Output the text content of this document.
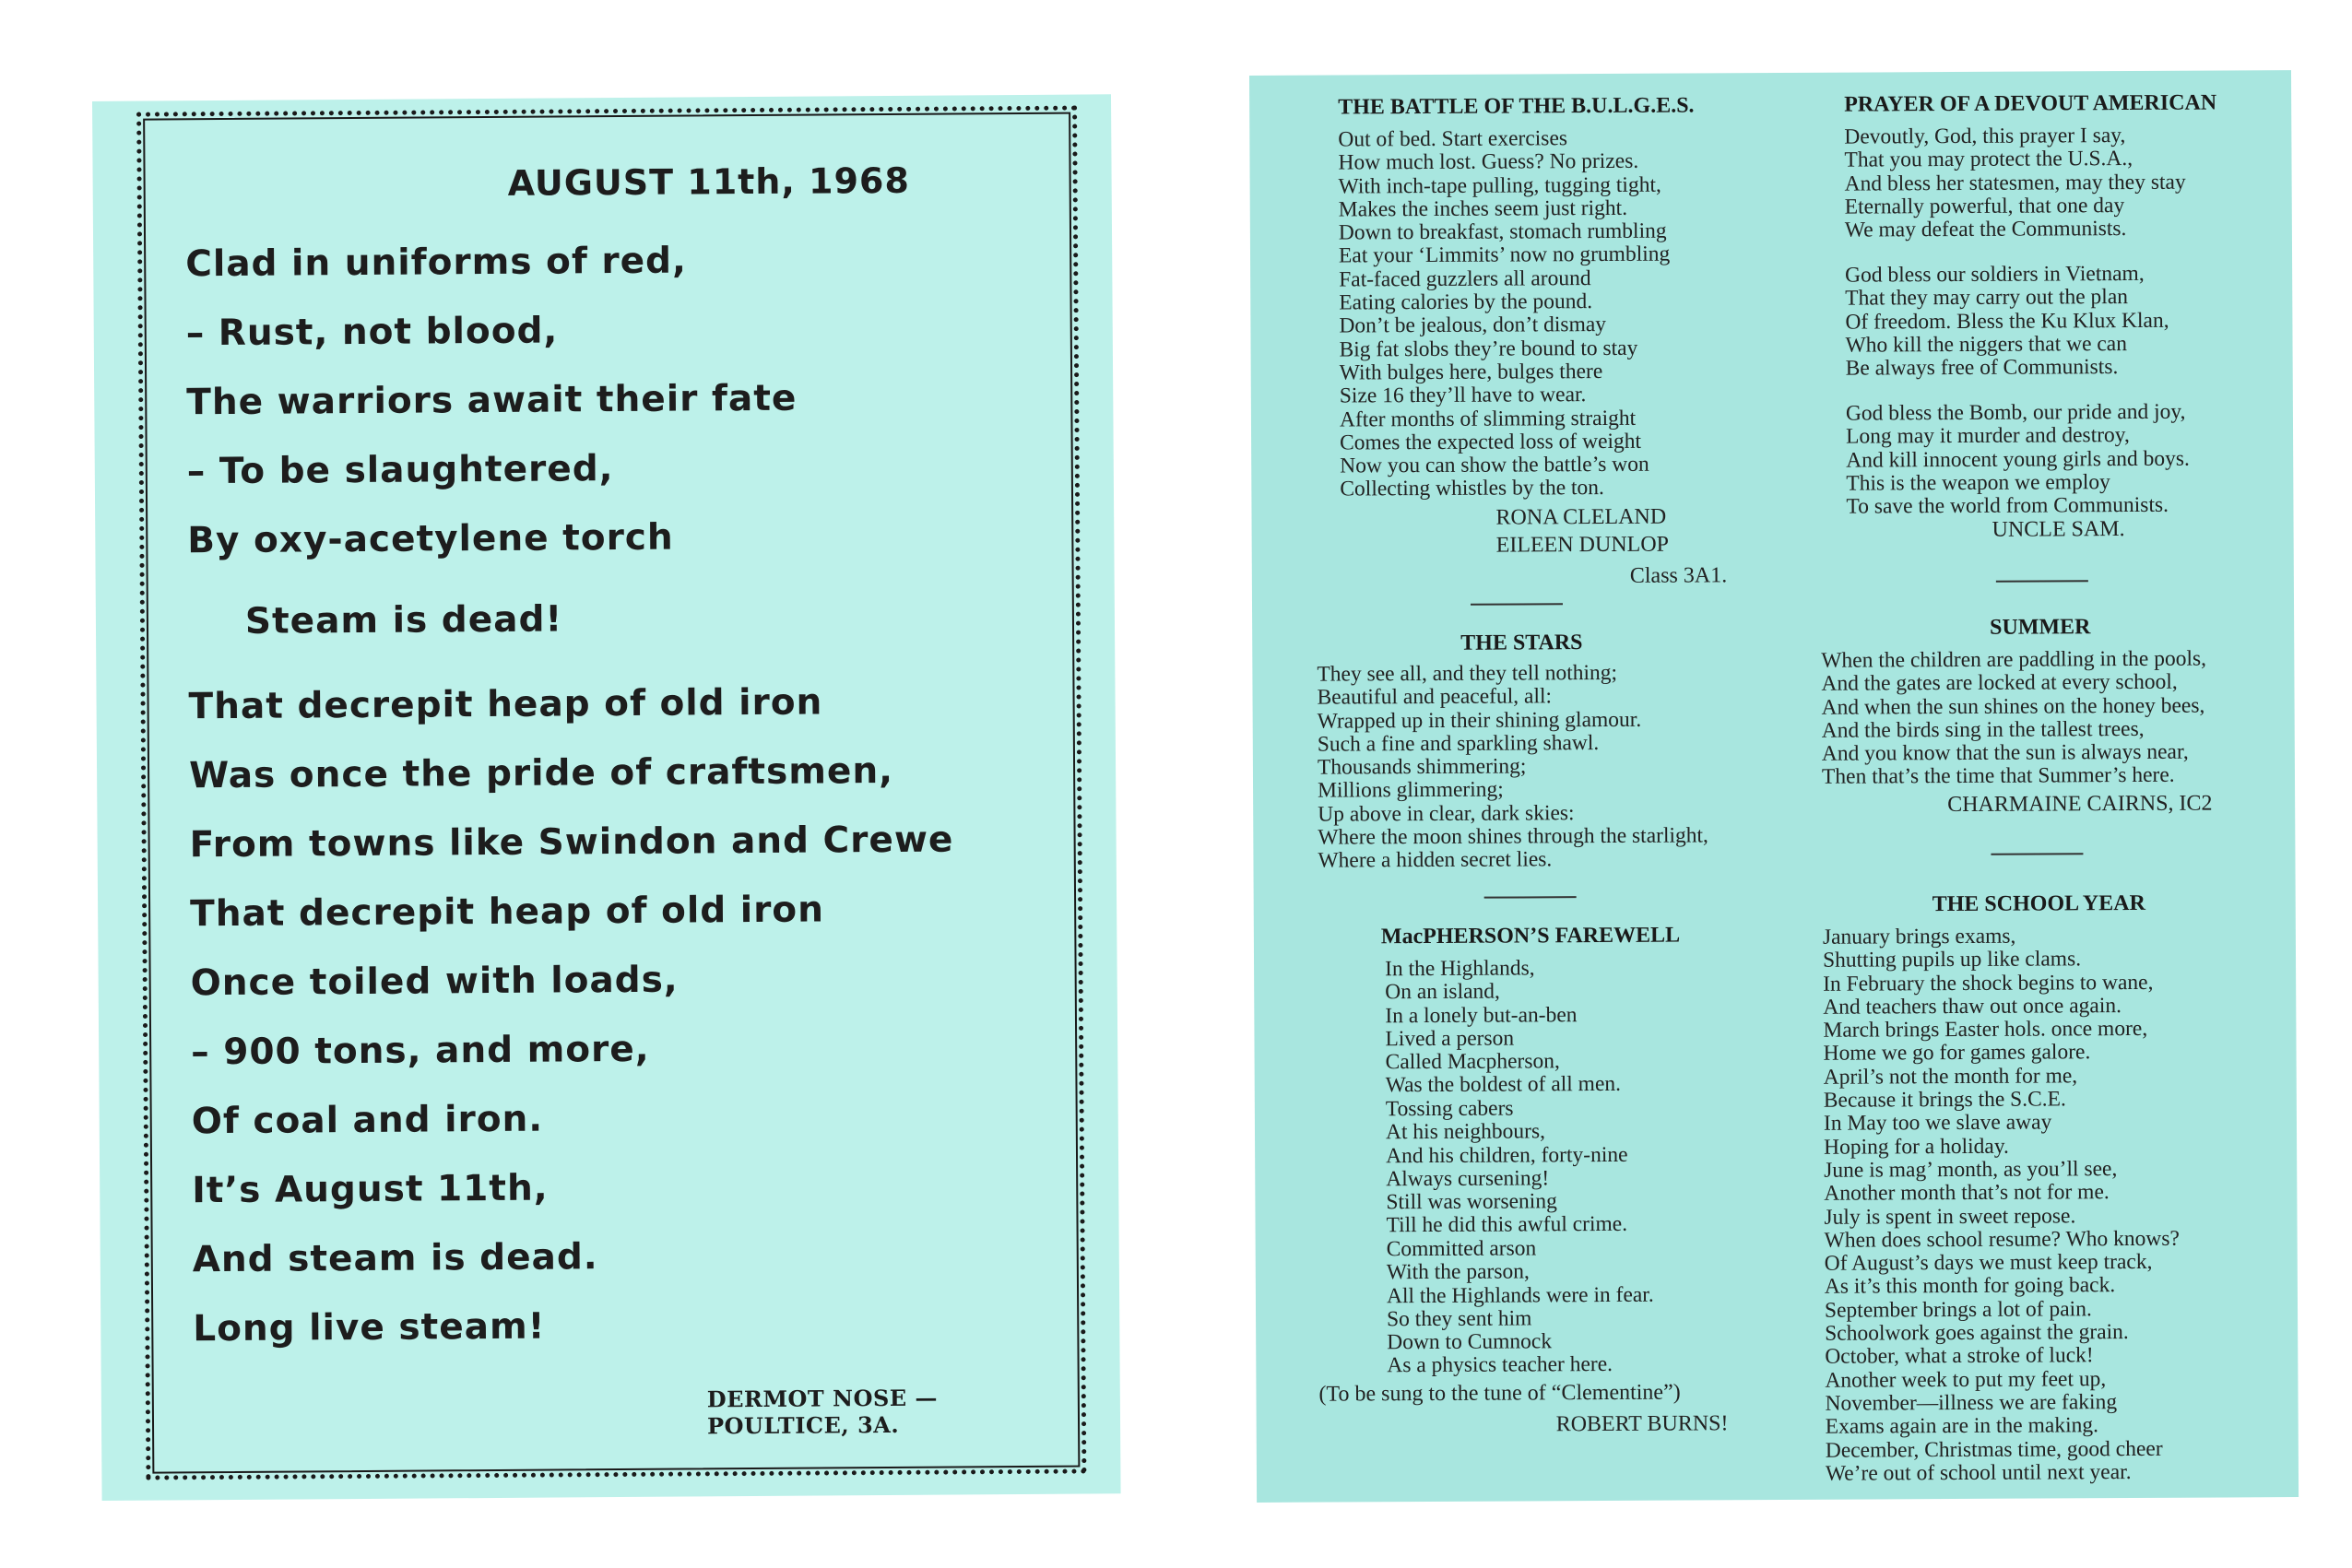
AUGUST 11th, 1968
Clad in uniforms of red,
– Rust, not blood,
The warriors await their fate
– To be slaughtered,
By oxy-acetylene torch
Steam is dead!
That decrepit heap of old iron
Was once the pride of craftsmen,
From towns like Swindon and Crewe
That decrepit heap of old iron
Once toiled with loads,
– 900 tons, and more,
Of coal and iron.
It’s August 11th,
And steam is dead.
Long live steam!
DERMOT NOSE — POULTICE, 3A.
THE BATTLE OF THE B.U.L.G.E.S.
Out of bed. Start exercises
How much lost. Guess? No prizes.
With inch-tape pulling, tugging tight,
Makes the inches seem just right.
Down to breakfast, stomach rumbling
Eat your ‘Limmits’ now no grumbling
Fat-faced guzzlers all around
Eating calories by the pound.
Don’t be jealous, don’t dismay
Big fat slobs they’re bound to stay
With bulges here, bulges there
Size 16 they’ll have to wear.
After months of slimming straight
Comes the expected loss of weight
Now you can show the battle’s won
Collecting whistles by the ton.
RONA CLELAND
EILEEN DUNLOP
Class 3A1.
THE STARS
They see all, and they tell nothing;
Beautiful and peaceful, all:
Wrapped up in their shining glamour.
Such a fine and sparkling shawl.
Thousands shimmering;
Millions glimmering;
Up above in clear, dark skies:
Where the moon shines through the starlight,
Where a hidden secret lies.
MacPHERSON’S FAREWELL
In the Highlands,
On an island,
In a lonely but-an-ben
Lived a person
Called Macpherson,
Was the boldest of all men.
Tossing cabers
At his neighbours,
And his children, forty-nine
Always cursening!
Still was worsening
Till he did this awful crime.
Committed arson
With the parson,
All the Highlands were in fear.
So they sent him
Down to Cumnock
As a physics teacher here.
(To be sung to the tune of “Clementine”)
ROBERT BURNS!
PRAYER OF A DEVOUT AMERICAN
Devoutly, God, this prayer I say,
That you may protect the U.S.A.,
And bless her statesmen, may they stay
Eternally powerful, that one day
We may defeat the Communists.
God bless our soldiers in Vietnam,
That they may carry out the plan
Of freedom. Bless the Ku Klux Klan,
Who kill the niggers that we can
Be always free of Communists.
God bless the Bomb, our pride and joy,
Long may it murder and destroy,
And kill innocent young girls and boys.
This is the weapon we employ
To save the world from Communists.
UNCLE SAM.
SUMMER
When the children are paddling in the pools,
And the gates are locked at every school,
And when the sun shines on the honey bees,
And the birds sing in the tallest trees,
And you know that the sun is always near,
Then that’s the time that Summer’s here.
CHARMAINE CAIRNS, IC2
THE SCHOOL YEAR
January brings exams,
Shutting pupils up like clams.
In February the shock begins to wane,
And teachers thaw out once again.
March brings Easter hols. once more,
Home we go for games galore.
April’s not the month for me,
Because it brings the S.C.E.
In May too we slave away
Hoping for a holiday.
June is mag’ month, as you’ll see,
Another month that’s not for me.
July is spent in sweet repose.
When does school resume? Who knows?
Of August’s days we must keep track,
As it’s this month for going back.
September brings a lot of pain.
Schoolwork goes against the grain.
October, what a stroke of luck!
Another week to put my feet up,
November—illness we are faking
Exams again are in the making.
December, Christmas time, good cheer
We’re out of school until next year.
